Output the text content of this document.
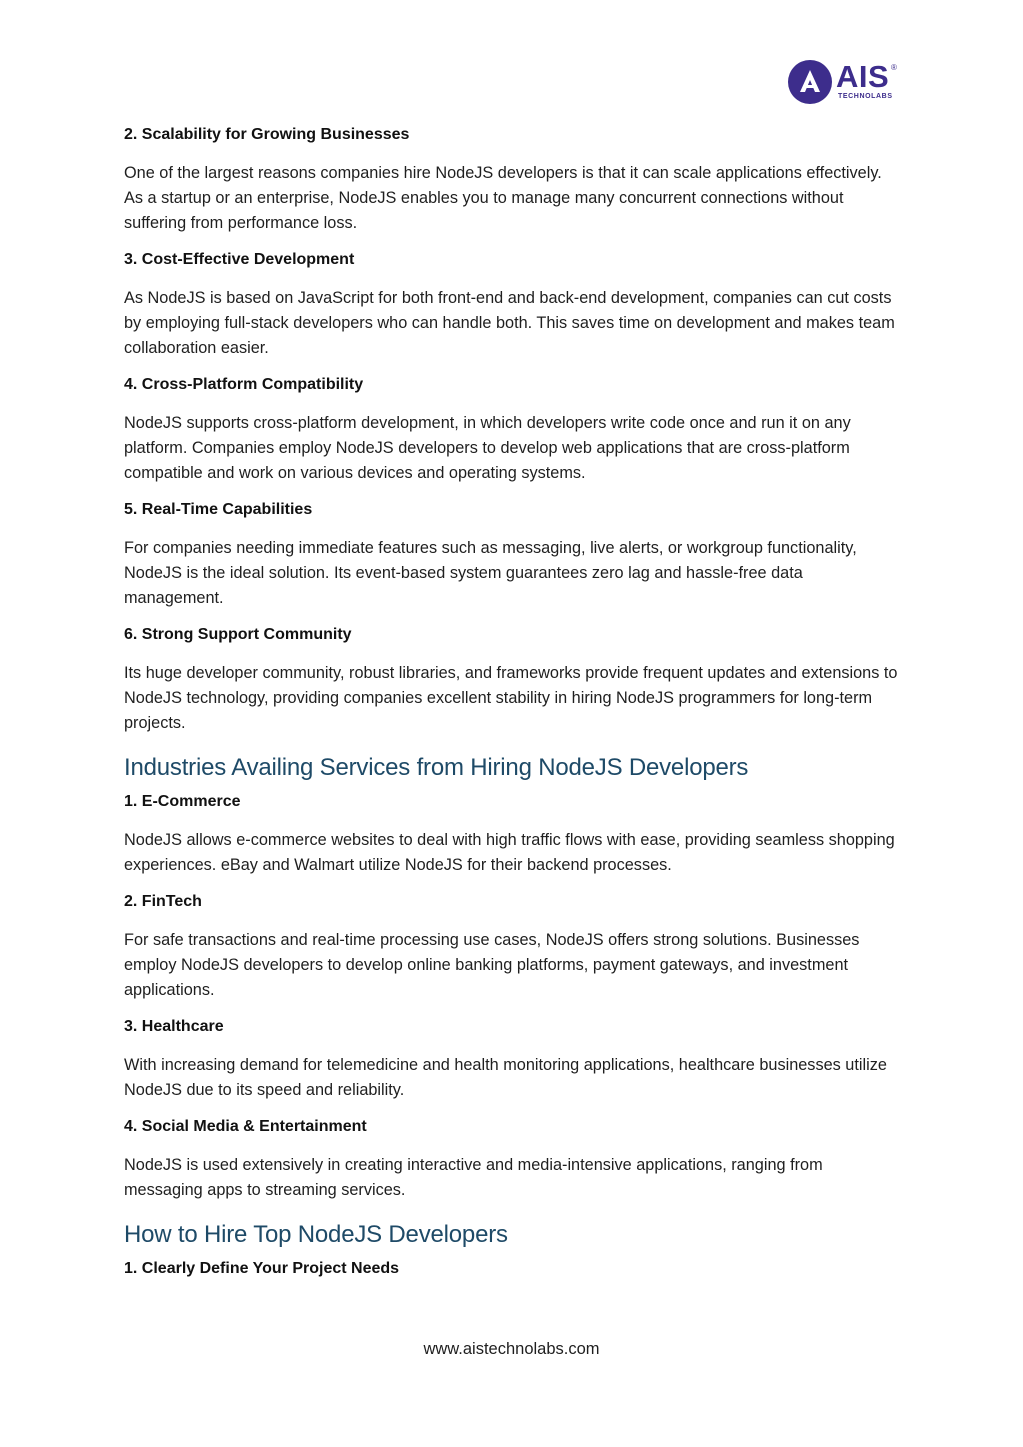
AIS ®
TECHNOLABS
2. Scalability for Growing Businesses

One of the largest reasons companies hire NodeJS developers is that it can scale applications effectively. As a startup or an enterprise, NodeJS enables you to manage many concurrent connections without suffering from performance loss.

3. Cost-Effective Development

As NodeJS is based on JavaScript for both front-end and back-end development, companies can cut costs by employing full-stack developers who can handle both. This saves time on development and makes team collaboration easier.

4. Cross-Platform Compatibility

NodeJS supports cross-platform development, in which developers write code once and run it on any platform. Companies employ NodeJS developers to develop web applications that are cross-platform compatible and work on various devices and operating systems.

5. Real-Time Capabilities

For companies needing immediate features such as messaging, live alerts, or workgroup functionality, NodeJS is the ideal solution. Its event-based system guarantees zero lag and hassle-free data management.

6. Strong Support Community

Its huge developer community, robust libraries, and frameworks provide frequent updates and extensions to NodeJS technology, providing companies excellent stability in hiring NodeJS programmers for long-term projects.

Industries Availing Services from Hiring NodeJS Developers
1. E-Commerce

NodeJS allows e-commerce websites to deal with high traffic flows with ease, providing seamless shopping experiences. eBay and Walmart utilize NodeJS for their backend processes.

2. FinTech

For safe transactions and real-time processing use cases, NodeJS offers strong solutions. Businesses employ NodeJS developers to develop online banking platforms, payment gateways, and investment applications.

3. Healthcare

With increasing demand for telemedicine and health monitoring applications, healthcare businesses utilize NodeJS due to its speed and reliability.

4. Social Media & Entertainment

NodeJS is used extensively in creating interactive and media-intensive applications, ranging from messaging apps to streaming services.

How to Hire Top NodeJS Developers
1. Clearly Define Your Project Needs
www.aistechnolabs.com
